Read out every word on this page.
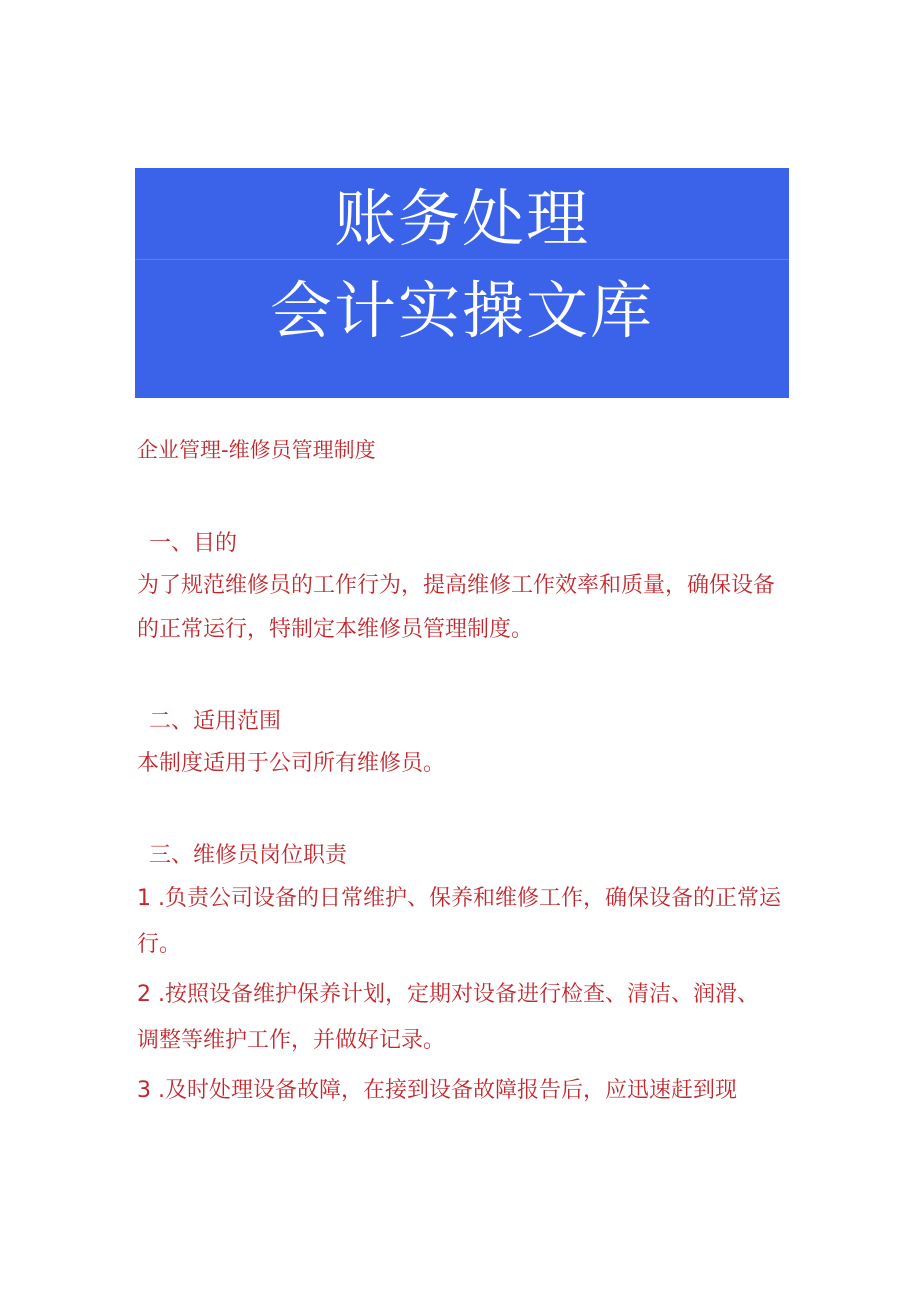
账务处理
会计实操文库
企业管理-维修员管理制度
一、目的

为了规范维修员的工作行为，提高维修工作效率和质量，确保设备的正常运行，特制定本维修员管理制度。

二、适用范围

本制度适用于公司所有维修员。

三、维修员岗位职责

1 .负责公司设备的日常维护、保养和维修工作，确保设备的正常运行。

2 .按照设备维护保养计划，定期对设备进行检查、清洁、润滑、调整等维护工作，并做好记录。

3 .及时处理设备故障，在接到设备故障报告后，应迅速赶到现
